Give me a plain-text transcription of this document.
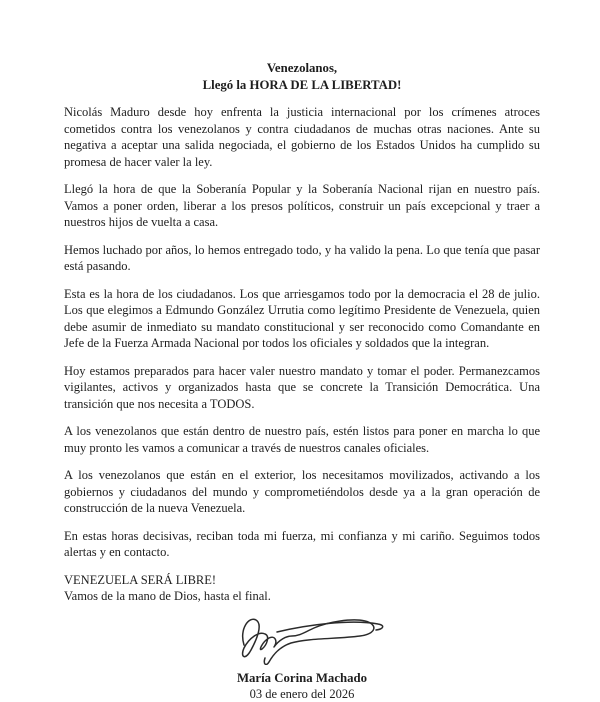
Venezolanos,
Llegó la HORA DE LA LIBERTAD!

Nicolás Maduro desde hoy enfrenta la justicia internacional por los crímenes atroces cometidos contra los venezolanos y contra ciudadanos de muchas otras naciones. Ante su negativa a aceptar una salida negociada, el gobierno de los Estados Unidos ha cumplido su promesa de hacer valer la ley.

Llegó la hora de que la Soberanía Popular y la Soberanía Nacional rijan en nuestro país. Vamos a poner orden, liberar a los presos políticos, construir un país excepcional y traer a nuestros hijos de vuelta a casa.

Hemos luchado por años, lo hemos entregado todo, y ha valido la pena. Lo que tenía que pasar está pasando.

Esta es la hora de los ciudadanos. Los que arriesgamos todo por la democracia el 28 de julio. Los que elegimos a Edmundo González Urrutia como legítimo Presidente de Venezuela, quien debe asumir de inmediato su mandato constitucional y ser reconocido como Comandante en Jefe de la Fuerza Armada Nacional por todos los oficiales y soldados que la integran.

Hoy estamos preparados para hacer valer nuestro mandato y tomar el poder. Permanezcamos vigilantes, activos y organizados hasta que se concrete la Transición Democrática. Una transición que nos necesita a TODOS.

A los venezolanos que están dentro de nuestro país, estén listos para poner en marcha lo que muy pronto les vamos a comunicar a través de nuestros canales oficiales.

A los venezolanos que están en el exterior, los necesitamos movilizados, activando a los gobiernos y ciudadanos del mundo y comprometiéndolos desde ya a la gran operación de construcción de la nueva Venezuela.

En estas horas decisivas, reciban toda mi fuerza, mi confianza y mi cariño. Seguimos todos alertas y en contacto.

VENEZUELA SERÁ LIBRE!
Vamos de la mano de Dios, hasta el final.
María Corina Machado
03 de enero del 2026
